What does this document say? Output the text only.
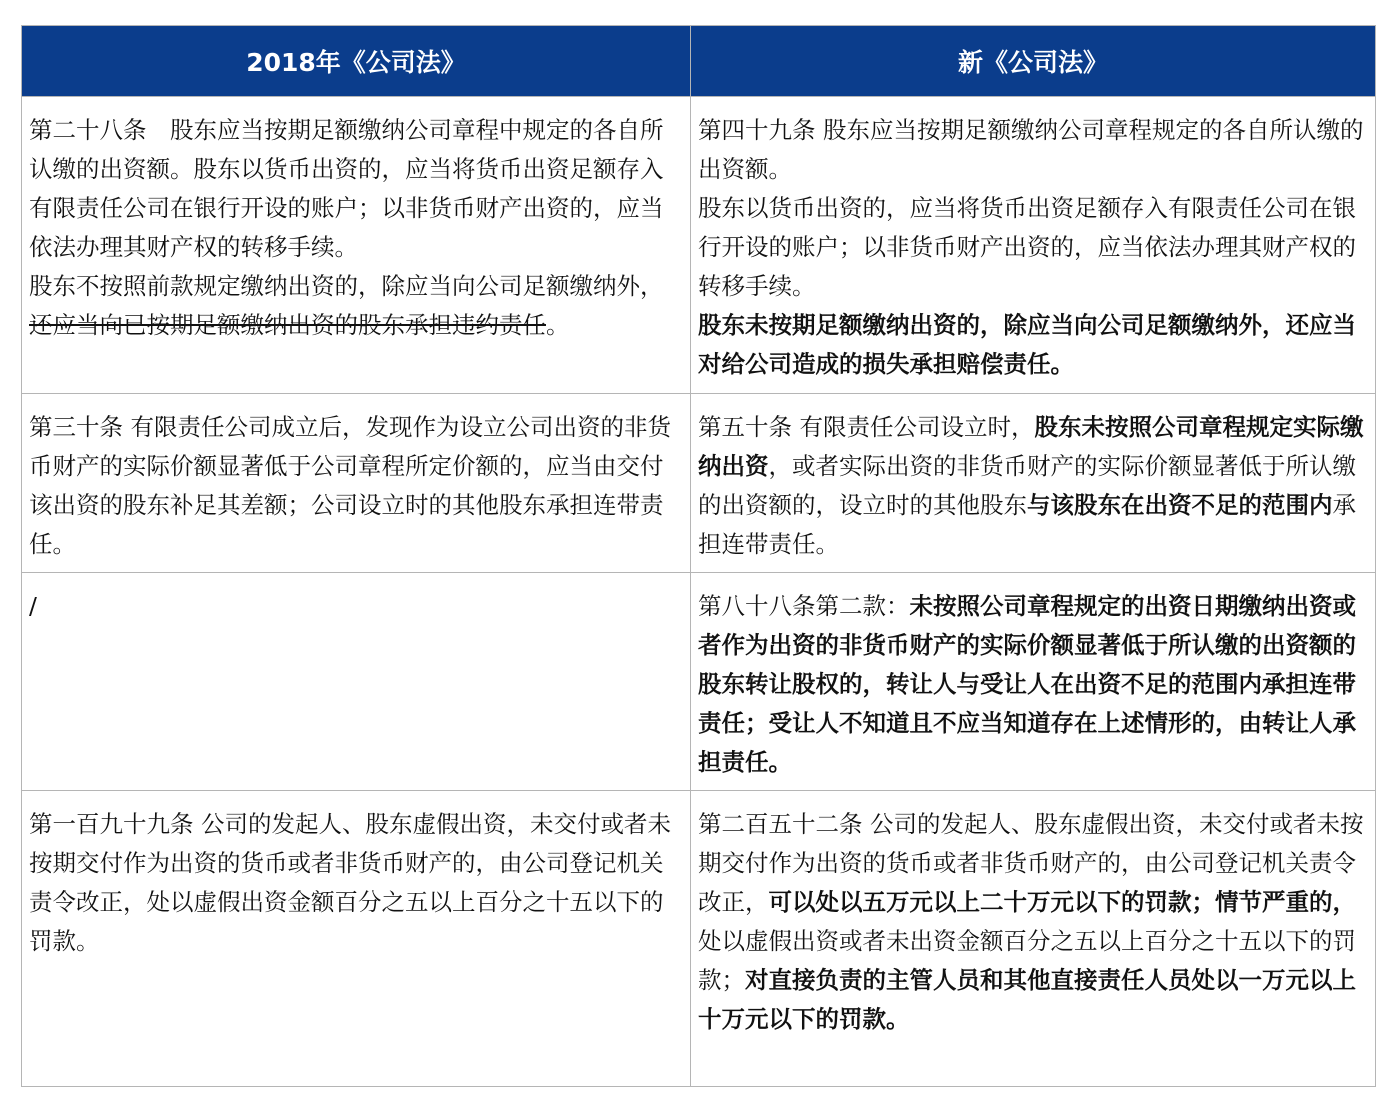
2018年《公司法》	新《公司法》

第二十八条　股东应当按期足额缴纳公司章程中规定的各自所认缴的出资额。股东以货币出资的，应当将货币出资足额存入有限责任公司在银行开设的账户；以非货币财产出资的，应当依法办理其财产权的转移手续。
股东不按照前款规定缴纳出资的，除应当向公司足额缴纳外，还应当向已按期足额缴纳出资的股东承担违约责任。	第四十九条 股东应当按期足额缴纳公司章程规定的各自所认缴的出资额。
股东以货币出资的，应当将货币出资足额存入有限责任公司在银行开设的账户；以非货币财产出资的，应当依法办理其财产权的转移手续。
股东未按期足额缴纳出资的，除应当向公司足额缴纳外，还应当对给公司造成的损失承担赔偿责任。

第三十条 有限责任公司成立后，发现作为设立公司出资的非货币财产的实际价额显著低于公司章程所定价额的，应当由交付该出资的股东补足其差额；公司设立时的其他股东承担连带责任。	第五十条 有限责任公司设立时，股东未按照公司章程规定实际缴纳出资，或者实际出资的非货币财产的实际价额显著低于所认缴的出资额的，设立时的其他股东与该股东在出资不足的范围内承担连带责任。

/	第八十八条第二款：未按照公司章程规定的出资日期缴纳出资或者作为出资的非货币财产的实际价额显著低于所认缴的出资额的股东转让股权的，转让人与受让人在出资不足的范围内承担连带责任；受让人不知道且不应当知道存在上述情形的，由转让人承担责任。

第一百九十九条 公司的发起人、股东虚假出资，未交付或者未按期交付作为出资的货币或者非货币财产的，由公司登记机关责令改正，处以虚假出资金额百分之五以上百分之十五以下的罚款。	第二百五十二条 公司的发起人、股东虚假出资，未交付或者未按期交付作为出资的货币或者非货币财产的，由公司登记机关责令改正，可以处以五万元以上二十万元以下的罚款；情节严重的，处以虚假出资或者未出资金额百分之五以上百分之十五以下的罚款；对直接负责的主管人员和其他直接责任人员处以一万元以上十万元以下的罚款。
